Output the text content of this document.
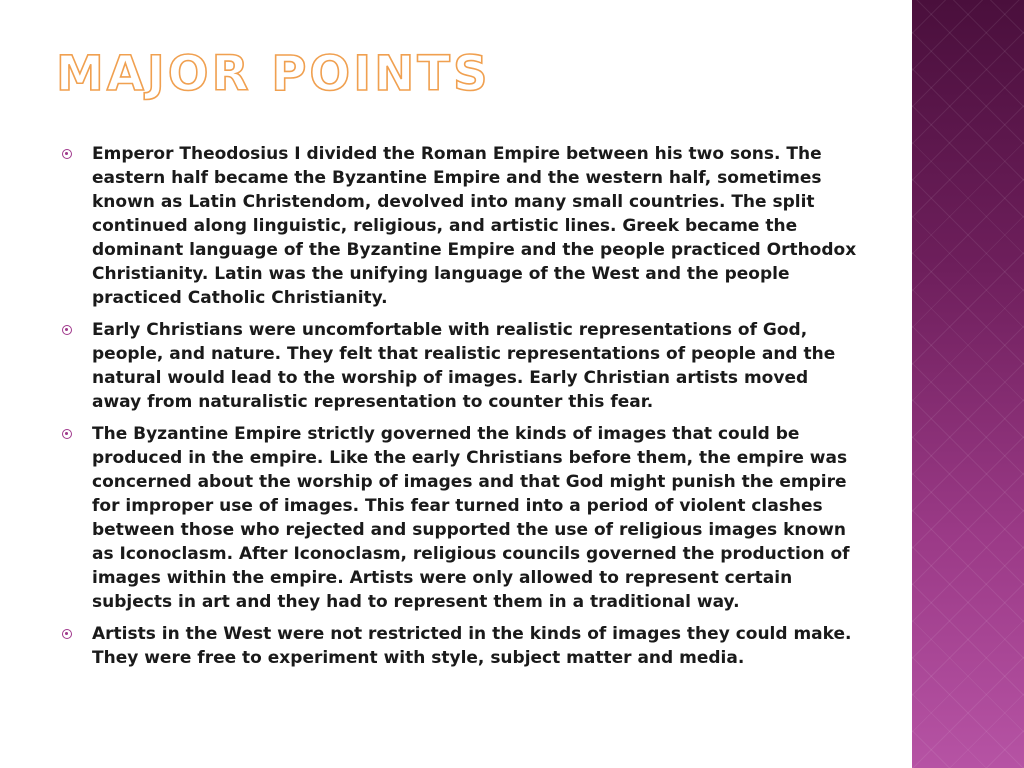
MAJOR POINTS
Emperor Theodosius I divided the Roman Empire between his two sons. The eastern half became the Byzantine Empire and the western half, sometimes known as Latin Christendom, devolved into many small countries. The split continued along linguistic, religious, and artistic lines. Greek became the dominant language of the Byzantine Empire and the people practiced Orthodox Christianity. Latin was the unifying language of the West and the people practiced Catholic Christianity.
Early Christians were uncomfortable with realistic representations of God, people, and nature. They felt that realistic representations of people and the natural would lead to the worship of images. Early Christian artists moved away from naturalistic representation to counter this fear.
The Byzantine Empire strictly governed the kinds of images that could be produced in the empire. Like the early Christians before them, the empire was concerned about the worship of images and that God might punish the empire for improper use of images. This fear turned into a period of violent clashes between those who rejected and supported the use of religious images known as Iconoclasm. After Iconoclasm, religious councils governed the production of images within the empire. Artists were only allowed to represent certain subjects in art and they had to represent them in a traditional way.
Artists in the West were not restricted in the kinds of images they could make. They were free to experiment with style, subject matter and media.
